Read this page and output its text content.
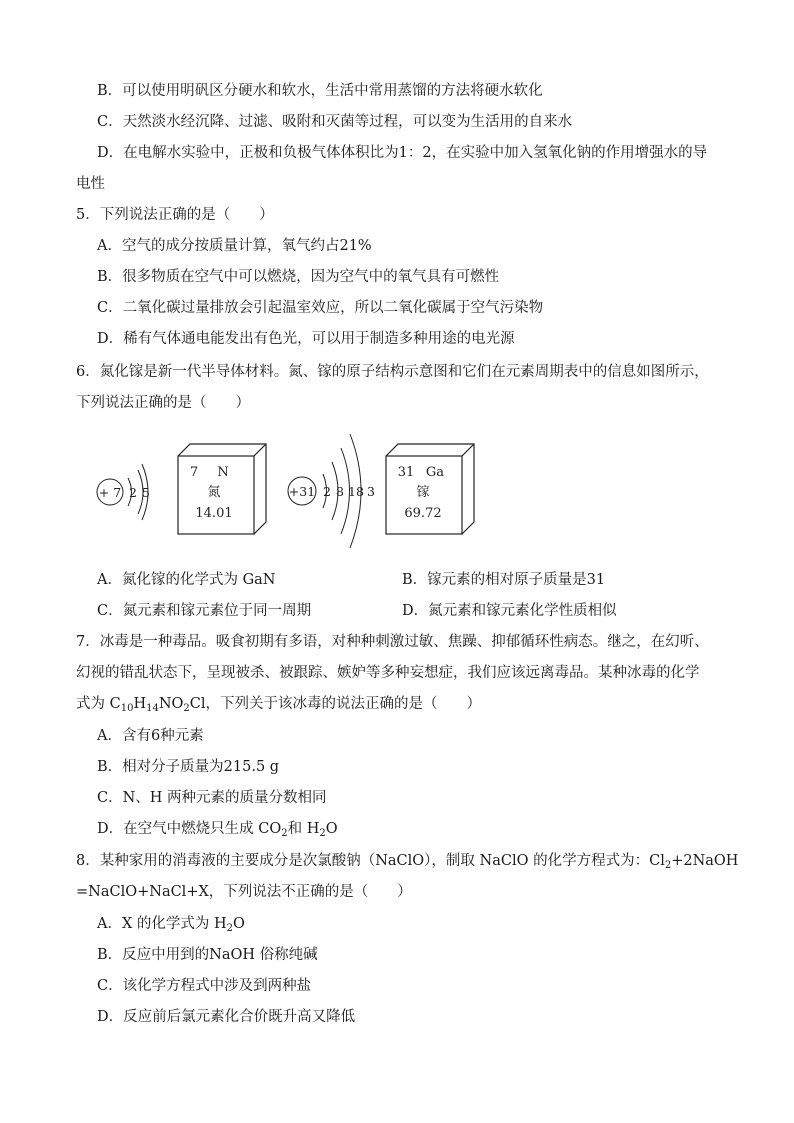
B．可以使用明矾区分硬水和软水，生活中常用蒸馏的方法将硬水软化
C．天然淡水经沉降、过滤、吸附和灭菌等过程，可以变为生活用的自来水
D．在电解水实验中，正极和负极气体体积比为1：2，在实验中加入氢氧化钠的作用增强水的导
电性
5．下列说法正确的是（　　）
A．空气的成分按质量计算，氧气约占21%
B．很多物质在空气中可以燃烧，因为空气中的氧气具有可燃性
C．二氧化碳过量排放会引起温室效应，所以二氧化碳属于空气污染物
D．稀有气体通电能发出有色光，可以用于制造多种用途的电光源
6．氮化镓是新一代半导体材料。氮、镓的原子结构示意图和它们在元素周期表中的信息如图所示，
下列说法正确的是（　　）
+ 7 2 5
7 N
氮
14.01
+31 2 8 18 3
31 Ga
镓
69.72
A．氮化镓的化学式为 GaN	B．镓元素的相对原子质量是31
C．氮元素和镓元素位于同一周期	D．氮元素和镓元素化学性质相似
7．冰毒是一种毒品。吸食初期有多语，对种种刺激过敏、焦躁、抑郁循环性病态。继之，在幻听、
幻视的错乱状态下，呈现被杀、被跟踪、嫉妒等多种妄想症，我们应该远离毒品。某种冰毒的化学
式为 $C_{10}H_{14}NO_2Cl$，下列关于该冰毒的说法正确的是（　　）
A．含有6种元素
B．相对分子质量为215.5 g
C．N、H 两种元素的质量分数相同
D．在空气中燃烧只生成 $CO_2$和 $H_2O$
8．某种家用的消毒液的主要成分是次氯酸钠（NaClO），制取 NaClO 的化学方程式为：$Cl_2+2NaOH$
=NaClO+NaCl+X，下列说法不正确的是（　　）
A．X 的化学式为 $H_2O$
B．反应中用到的NaOH 俗称纯碱
C．该化学方程式中涉及到两种盐
D．反应前后氯元素化合价既升高又降低
